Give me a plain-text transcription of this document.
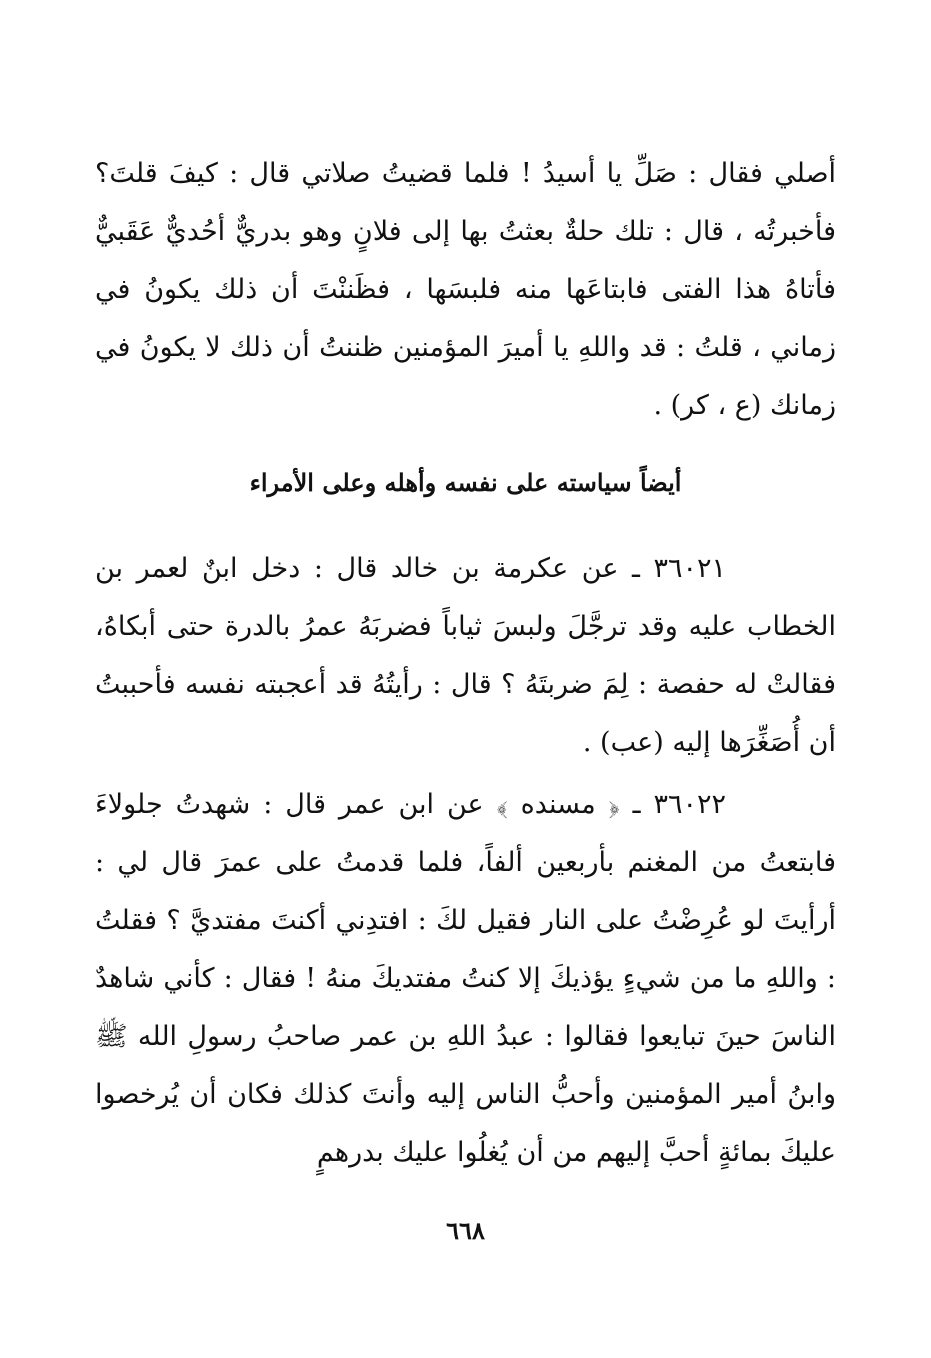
أصلي فقال : صَلِّ يا أسيدُ ! فلما قضيتُ صلاتي قال : كيفَ قلتَ؟ فأخبرتُه ، قال : تلك حلةٌ بعثتُ بها إلى فلانٍ وهو بدريٌّ أحُديٌّ عَقَبيٌّ فأتاهُ هذا الفتى فابتاعَها منه فلبسَها ، فظَننْتَ أن ذلك يكونُ في زماني ، قلتُ : قد واللهِ يا أميرَ المؤمنين ظننتُ أن ذلك لا يكونُ في زمانك (ع ، كر) .

أيضاً سياسته على نفسه وأهله وعلى الأمراء

٣٦٠٢١ ـ عن عكرمة بن خالد قال : دخل ابنٌ لعمر بن الخطاب عليه وقد ترجَّلَ ولبسَ ثياباً فضربَهُ عمرُ بالدرة حتى أبكاهُ، فقالتْ له حفصة : لِمَ ضربتَهُ ؟ قال : رأيتُهُ قد أعجبته نفسه فأحببتُ أن أُصَغِّرَها إليه (عب) .

٣٦٠٢٢ ـ ﴿ مسنده ﴾ عن ابن عمر قال : شهدتُ جلولاءَ فابتعتُ من المغنم بأربعين ألفاً، فلما قدمتُ على عمرَ قال لي : أرأيتَ لو عُرِضْتُ على النار فقيل لكَ : افتدِني أكنتَ مفتديَّ ؟ فقلتُ : واللهِ ما من شيءٍ يؤذيكَ إلا كنتُ مفتديكَ منهُ ! فقال : كأني شاهدٌ الناسَ حينَ تبايعوا فقالوا : عبدُ اللهِ بن عمر صاحبُ رسولِ الله ﷺ وابنُ أمير المؤمنين وأحبُّ الناس إليه وأنتَ كذلك فكان أن يُرخصوا عليكَ بمائةٍ أحبَّ إليهم من أن يُغلُوا عليك بدرهمٍ

٦٦٨
